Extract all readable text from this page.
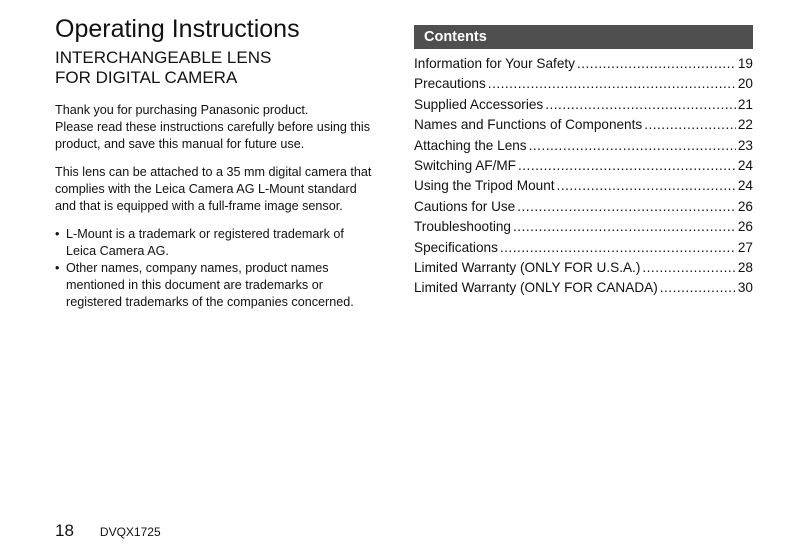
Operating Instructions
INTERCHANGEABLE LENS
FOR DIGITAL CAMERA
Thank you for purchasing Panasonic product.
Please read these instructions carefully before using this
product, and save this manual for future use.
This lens can be attached to a 35 mm digital camera that
complies with the Leica Camera AG L-Mount standard
and that is equipped with a full-frame image sensor.
• L-Mount is a trademark or registered trademark of
Leica Camera AG.
• Other names, company names, product names
mentioned in this document are trademarks or
registered trademarks of the companies concerned.
Contents
Information for Your Safety .....	19
Precautions .....	20
Supplied Accessories .....	21
Names and Functions of Components .....	22
Attaching the Lens .....	23
Switching AF/MF .....	24
Using the Tripod Mount .....	24
Cautions for Use .....	26
Troubleshooting .....	26
Specifications .....	27
Limited Warranty (ONLY FOR U.S.A.) .....	28
Limited Warranty (ONLY FOR CANADA) .....	30
18 DVQX1725
